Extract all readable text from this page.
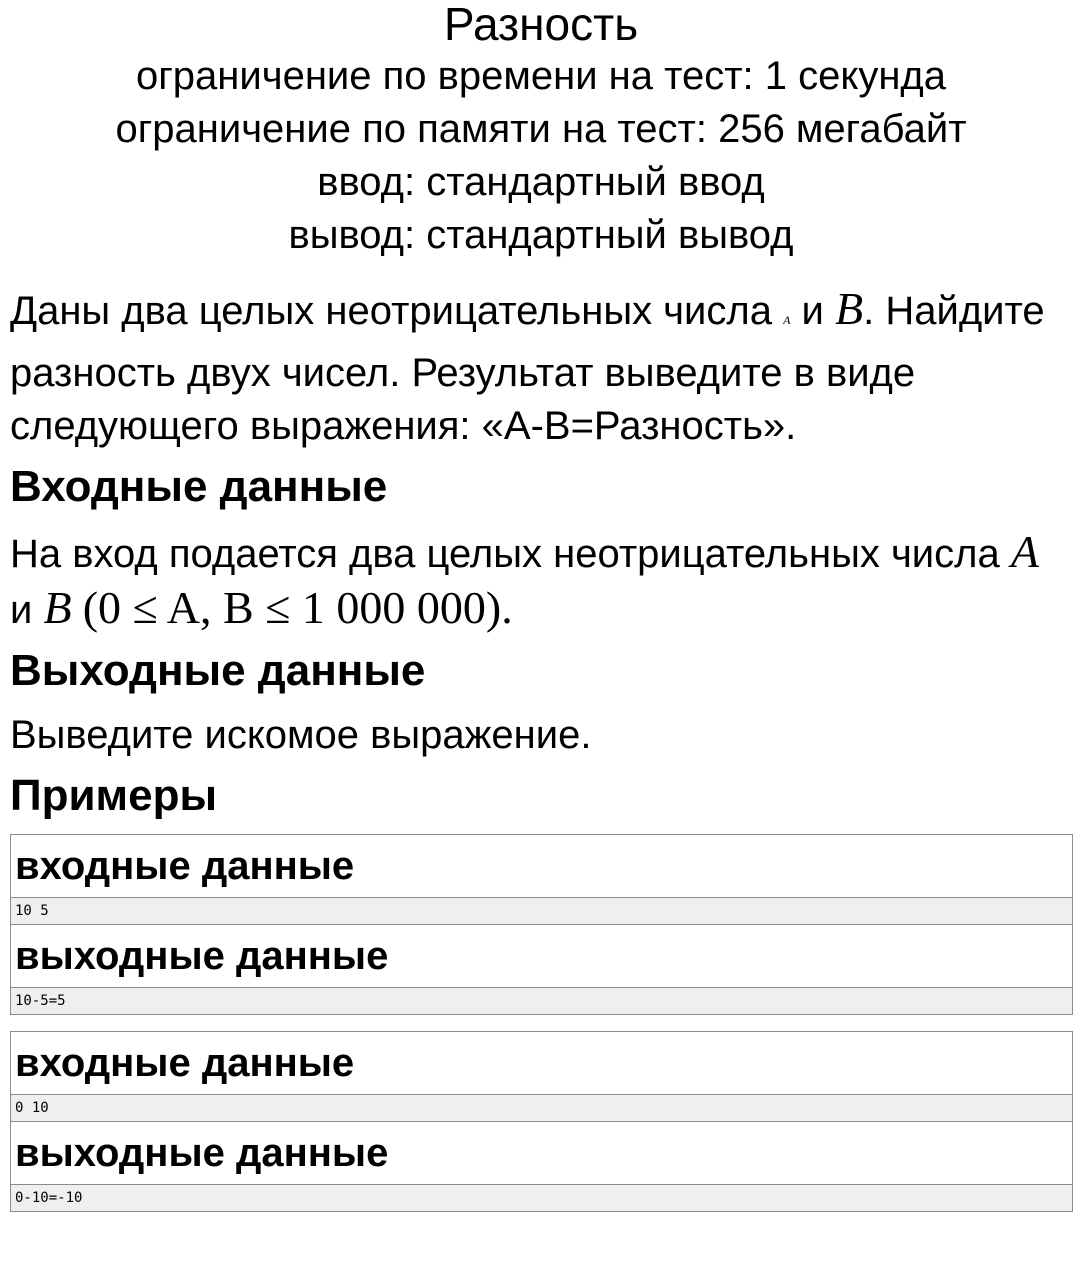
Разность
ограничение по времени на тест: 1 секунда
ограничение по памяти на тест: 256 мегабайт
ввод: стандартный ввод
вывод: стандартный вывод
Даны два целых неотрицательных числа A и B. Найдите разность двух чисел. Результат выведите в виде следующего выражения: «A-B=Разность».
Входные данные
На вход подается два целых неотрицательных числа A и B (0 ≤ A, B ≤ 1 000 000).
Выходные данные
Выведите искомое выражение.
Примеры
входные данные
10 5
выходные данные
10-5=5
входные данные
0 10
выходные данные
0-10=-10
